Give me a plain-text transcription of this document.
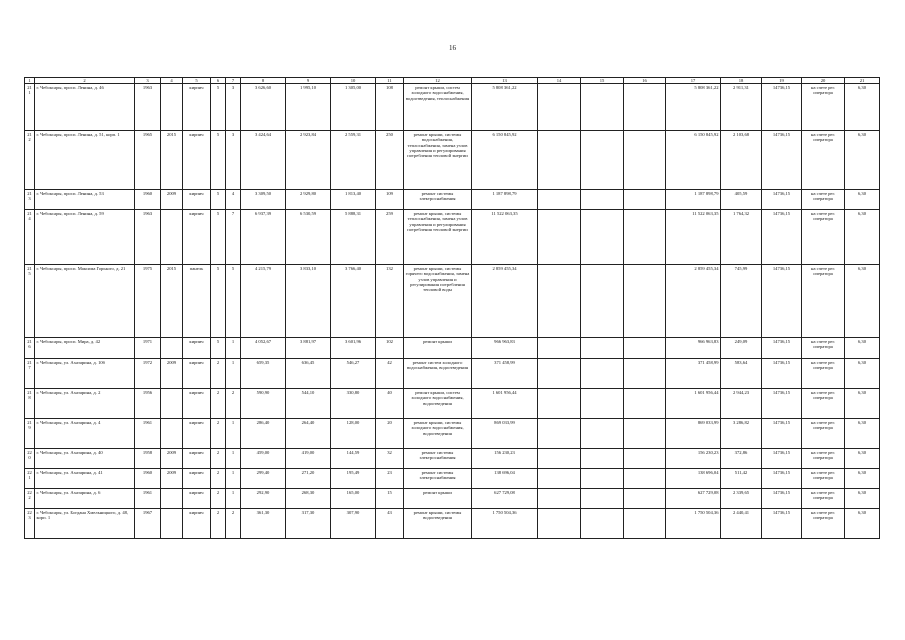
16
1	2	3	4	5	6	7	8	9	10	11	12	13	14	15	16	17	18	19	20	21
211	г. Чебоксары, просп. Ленина, д. 46	1963		кирпич	5	3	3 626,60	1 995,10	1 305,00	108	ремонт крыши, систем холодного водоснабжения, водоотведения, теплоснабжения	5 808 361,22				5 808 361,22	2 911,31	14736,15	на счете рег. оператора	6,30
212	г. Чебоксары, просп. Ленина, д. 51, корп. 1	1965	2015	кирпич	5	3	3 424,64	2 923,84	2 559,31	250	ремонт крыши, системы водоснабжения, теплоснабжения, замена узлов управления и регулирования потребления тепловой энергии	6 150 845,92				6 150 845,92	2 103,68	14736,15	на счете рег. оператора	6,30
213	г. Чебоксары, просп. Ленина, д. 53	1960	2009	кирпич	5	4	3 309,50	2 929,80	1 813,40	109	ремонт системы электроснабжения	1 187 898,79				1 187 898,79	405,59	14736,15	на счете рег. оператора	6,30
214	г. Чебоксары, просп. Ленина, д. 59	1963		кирпич	5	7	6 937,39	6 530,59	5 888,31	259	ремонт крыши, системы теплоснабжения, замена узлов управления и регулирования потребления тепловой энергии	11 522 063,35				11 522 063,35	1 764,32	14736,15	на счете рег. оператора	6,30
215	г. Чебоксары, просп. Максима Горького, д. 21	1975	2015	панель	5	5	4 215,79	3 833,10	3 766,40	132	ремонт крыши, системы горячего водоснабжения, замена узлов управления и регулирования потребления тепловой воды	2 859 455,34				2 859 455,34	745,99	14736,15	на счете рег. оператора	6,30
216	г. Чебоксары, просп. Мира, д. 42	1971		кирпич	5	1	4 052,67	3 881,97	3 601,96	102	ремонт крыши	966 963,83				966 963,83	249,09	14736,15	на счете рег. оператора	6,30
217	г. Чебоксары, ул. Ахазарина, д. 10б	1972	2009	кирпич	2	1	659,35	636,45	546,27	42	ремонт систем холодного водоснабжения, водоотведения	371 458,99				371 458,99	583,64	14736,15	на счете рег. оператора	6,30
218	г. Чебоксары, ул. Ахазарина, д. 2	1956		кирпич	2	2	590,90	544,10	330,80	40	ремонт крыши, систем холодного водоснабжения, водоотведения	1 601 956,44				1 601 956,44	2 944,23	14736,15	на счете рег. оператора	6,30
219	г. Чебоксары, ул. Ахазарина, д. 4	1961		кирпич	2	1	286,40	264,40	128,00	20	ремонт крыши, системы холодного водоснабжения, водоотведения	869 033,99				869 033,99	3 286,82	14736,15	на счете рег. оператора	6,30
220	г. Чебоксары, ул. Ахазарина, д. 40	1958	2009	кирпич	2	1	459,00	419,00	144,59	32	ремонт системы электроснабжения	156 230,23				156 230,23	372,86	14736,15	на счете рег. оператора	6,30
221	г. Чебоксары, ул. Ахазарина, д. 41	1960	2009	кирпич	2	1	299,40	271,20	195,49	23	ремонт системы электроснабжения	138 696,04				138 696,04	511,42	14736,15	на счете рег. оператора	6,30
222	г. Чебоксары, ул. Ахазарина, д. 6	1961		кирпич	2	1	292,90	268,30	165,00	15	ремонт крыши	627 729,08				627 729,08	2 339,65	14736,15	на счете рег. оператора	6,30
223	г. Чебоксары, ул. Богдана Хмельницкого, д. 48, корп. 1	1967		кирпич	2	2	361,30	317,30	307,90	43	ремонт крыши, системы водоотведения	1 750 504,36				1 750 504,36	2 440,41	14736,15	на счете рег. оператора	6,30
